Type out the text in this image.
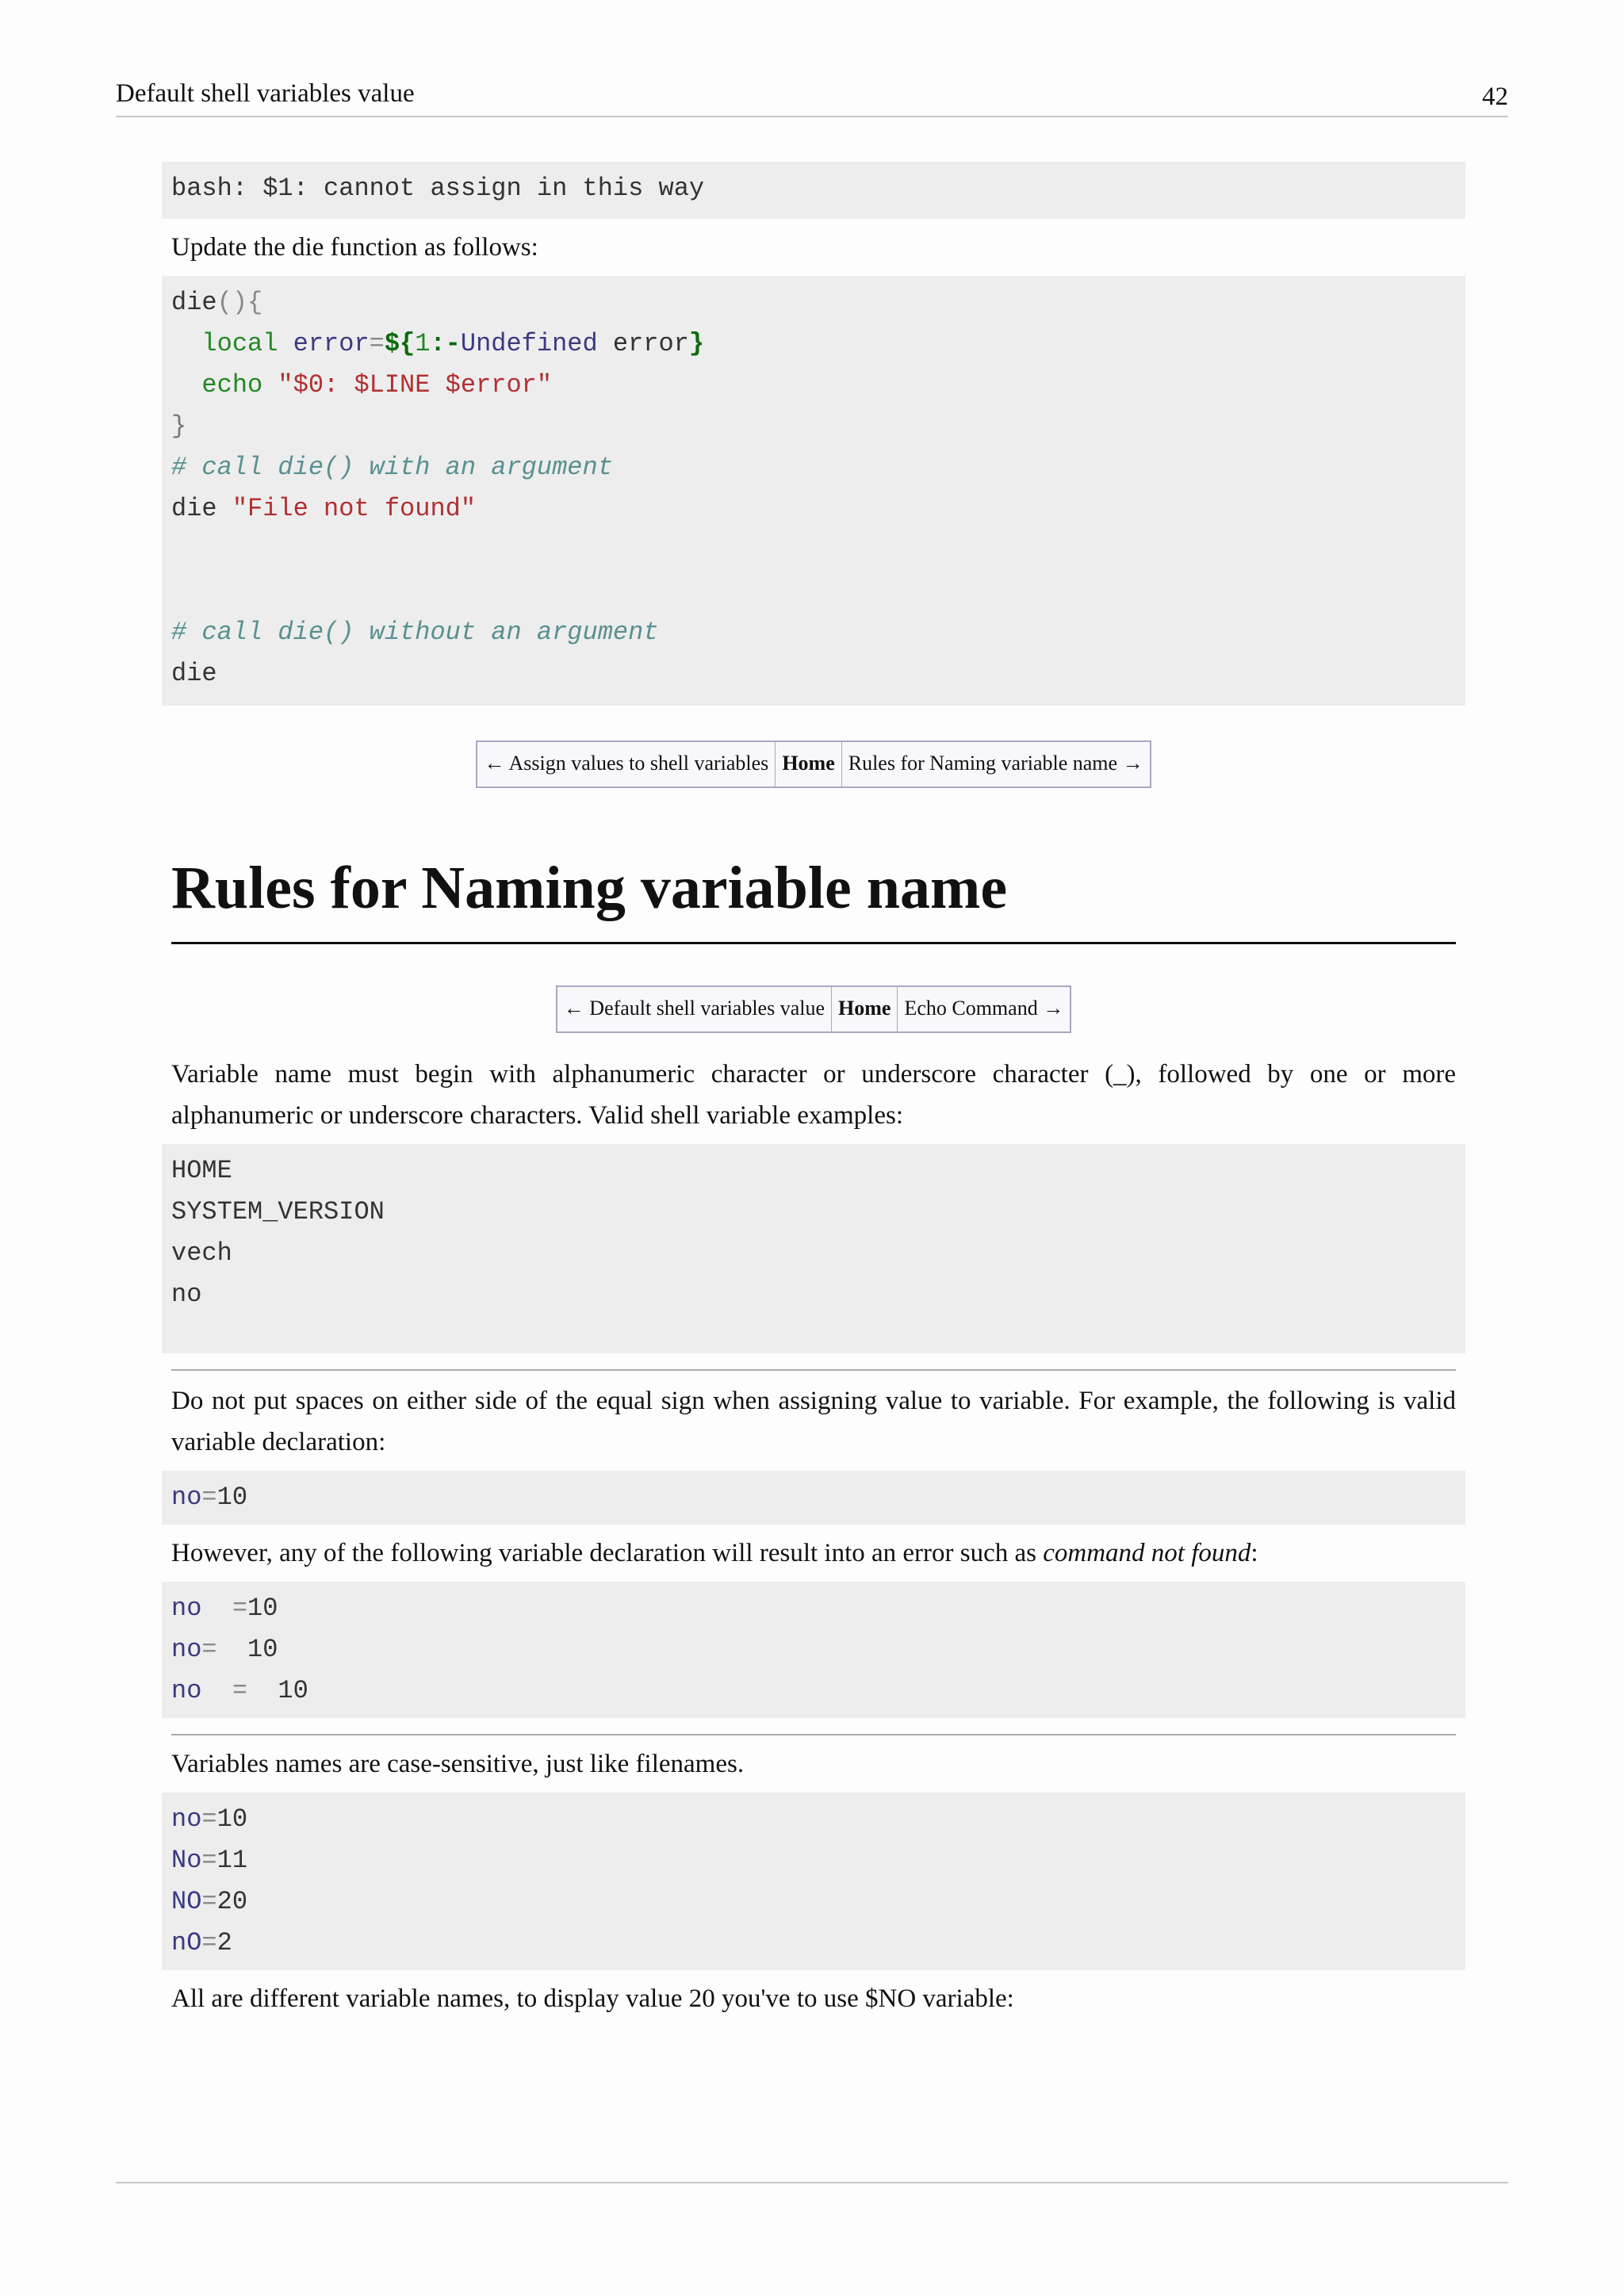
Default shell variables value	42
bash: $1: cannot assign in this way

Update the die function as follows:

die(){
local error=${1:-Undefined error}
echo "$0: $LINE $error"
}
# call die() with an argument
die "File not found"
# call die() without an argument
die
← Assign values to shell variables Home Rules for Naming variable name →
Rules for Naming variable name
← Default shell variables value Home Echo Command →

Variable name must begin with alphanumeric character or underscore character (_), followed by one or more alphanumeric or underscore characters. Valid shell variable examples:

HOME
SYSTEM_VERSION
vech
no

Do not put spaces on either side of the equal sign when assigning value to variable. For example, the following is valid variable declaration:

no=10

However, any of the following variable declaration will result into an error such as command not found:

no  =10
no=  10
no  =  10

Variables names are case-sensitive, just like filenames.

no=10
No=11
NO=20
nO=2

All are different variable names, to display value 20 you've to use $NO variable:
